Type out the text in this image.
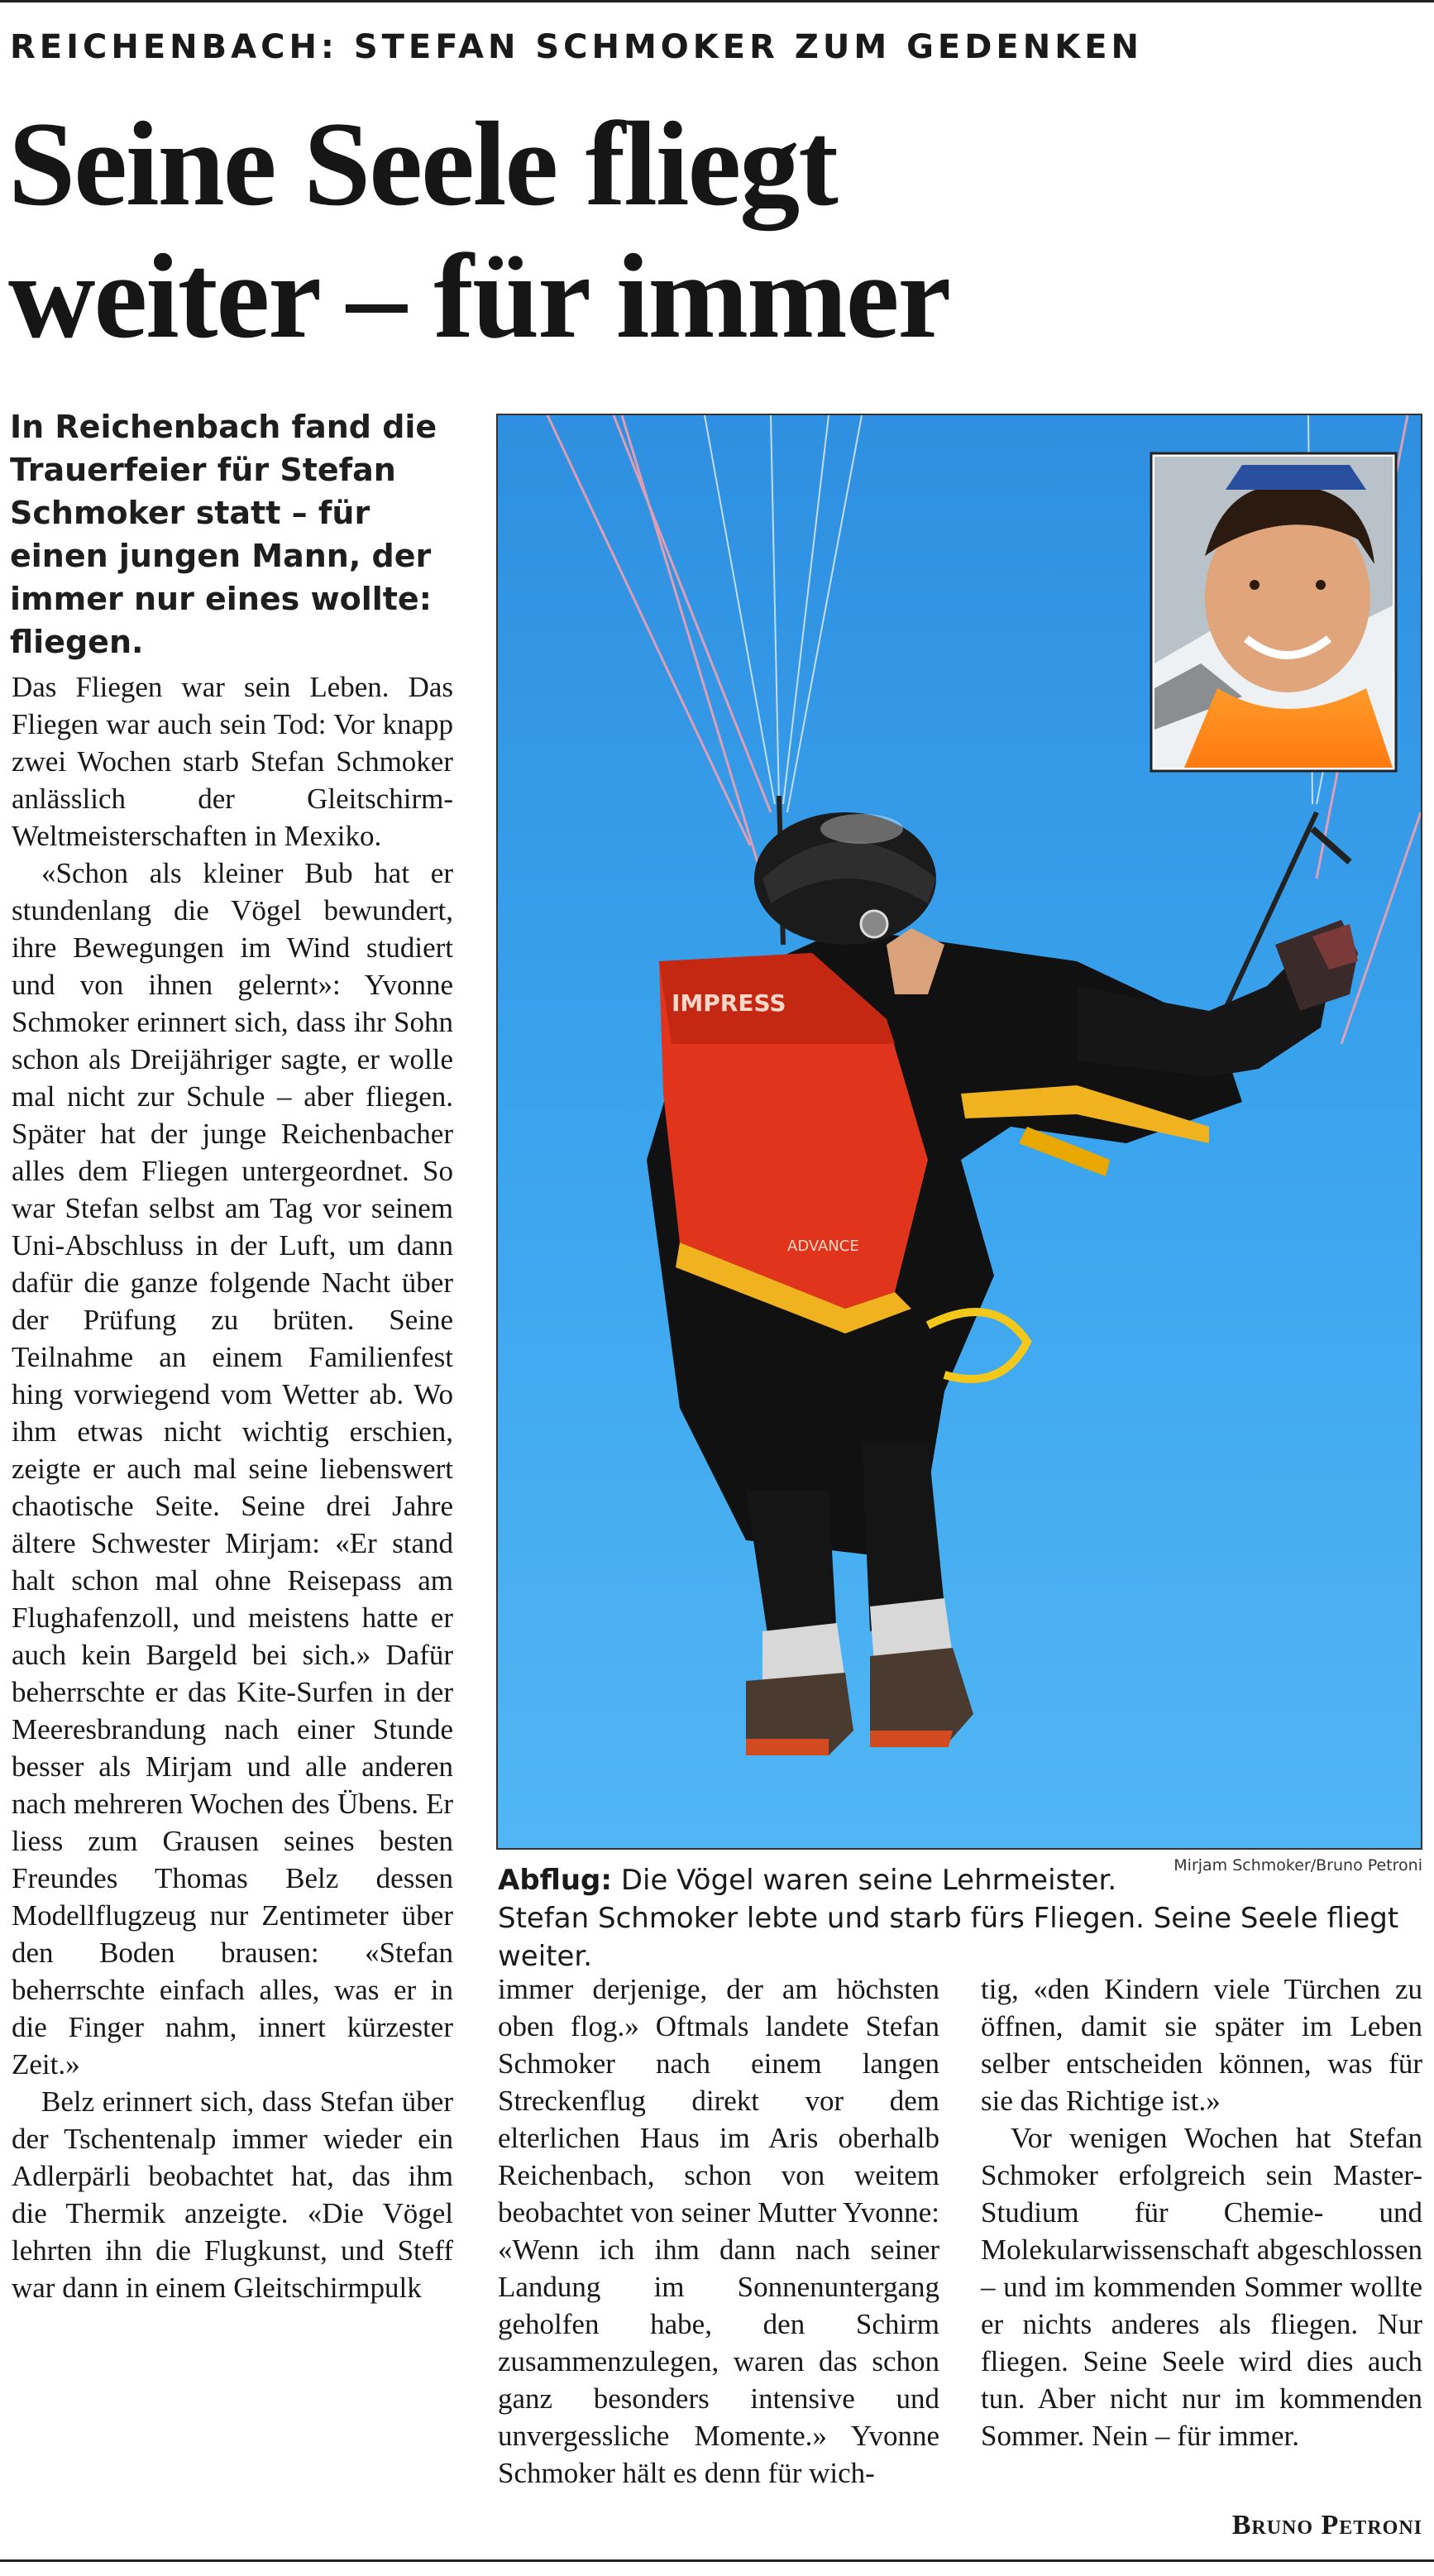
REICHENBACH: STEFAN SCHMOKER ZUM GEDENKEN
Seine Seele fliegt
weiter – für immer
In Reichenbach fand die Trauerfeier für Stefan Schmoker statt – für einen jungen Mann, der immer nur eines wollte: fliegen.

Das Fliegen war sein Leben. Das Fliegen war auch sein Tod: Vor knapp zwei Wochen starb Stefan Schmoker anlässlich der Gleitschirm-Weltmeisterschaften in Mexiko.

«Schon als kleiner Bub hat er stundenlang die Vögel bewundert, ihre Bewegungen im Wind studiert und von ihnen gelernt»: Yvonne Schmoker erinnert sich, dass ihr Sohn schon als Dreijähriger sagte, er wolle mal nicht zur Schule – aber fliegen. Später hat der junge Reichenbacher alles dem Fliegen untergeordnet. So war Stefan selbst am Tag vor seinem Uni-Abschluss in der Luft, um dann dafür die ganze folgende Nacht über der Prüfung zu brüten. Seine Teilnahme an einem Familienfest hing vorwiegend vom Wetter ab. Wo ihm etwas nicht wichtig erschien, zeigte er auch mal seine liebenswert chaotische Seite. Seine drei Jahre ältere Schwester Mirjam: «Er stand halt schon mal ohne Reisepass am Flughafenzoll, und meistens hatte er auch kein Bargeld bei sich.» Dafür beherrschte er das Kite-Surfen in der Meeresbrandung nach einer Stunde besser als Mirjam und alle anderen nach mehreren Wochen des Übens. Er liess zum Grausen seines besten Freundes Thomas Belz dessen Modellflugzeug nur Zentimeter über den Boden brausen: «Stefan beherrschte einfach alles, was er in die Finger nahm, innert kürzester Zeit.»

Belz erinnert sich, dass Stefan über der Tschentenalp immer wieder ein Adlerpärli beobachtet hat, das ihm die Thermik anzeigte. «Die Vögel lehrten ihn die Flugkunst, und Steff war dann in einem Gleitschirmpulk

IMPRESS
ADVANCE
Mirjam Schmoker/Bruno Petroni
Abflug: Die Vögel waren seine Lehrmeister.
Stefan Schmoker lebte und starb fürs Fliegen. Seine Seele fliegt weiter.

immer derjenige, der am höchsten oben flog.» Oftmals landete Stefan Schmoker nach einem langen Streckenflug direkt vor dem elterlichen Haus im Aris oberhalb Reichenbach, schon von weitem beobachtet von seiner Mutter Yvonne: «Wenn ich ihm dann nach seiner Landung im Sonnenuntergang geholfen habe, den Schirm zusammenzulegen, waren das schon ganz besonders intensive und unvergessliche Momente.» Yvonne Schmoker hält es denn für wich-

tig, «den Kindern viele Türchen zu öffnen, damit sie später im Leben selber entscheiden können, was für sie das Richtige ist.»

Vor wenigen Wochen hat Stefan Schmoker erfolgreich sein Master-Studium für Chemie- und Molekularwissenschaft abgeschlossen – und im kommenden Sommer wollte er nichts anderes als fliegen. Nur fliegen. Seine Seele wird dies auch tun. Aber nicht nur im kommenden Sommer. Nein – für immer.

Bruno Petroni
